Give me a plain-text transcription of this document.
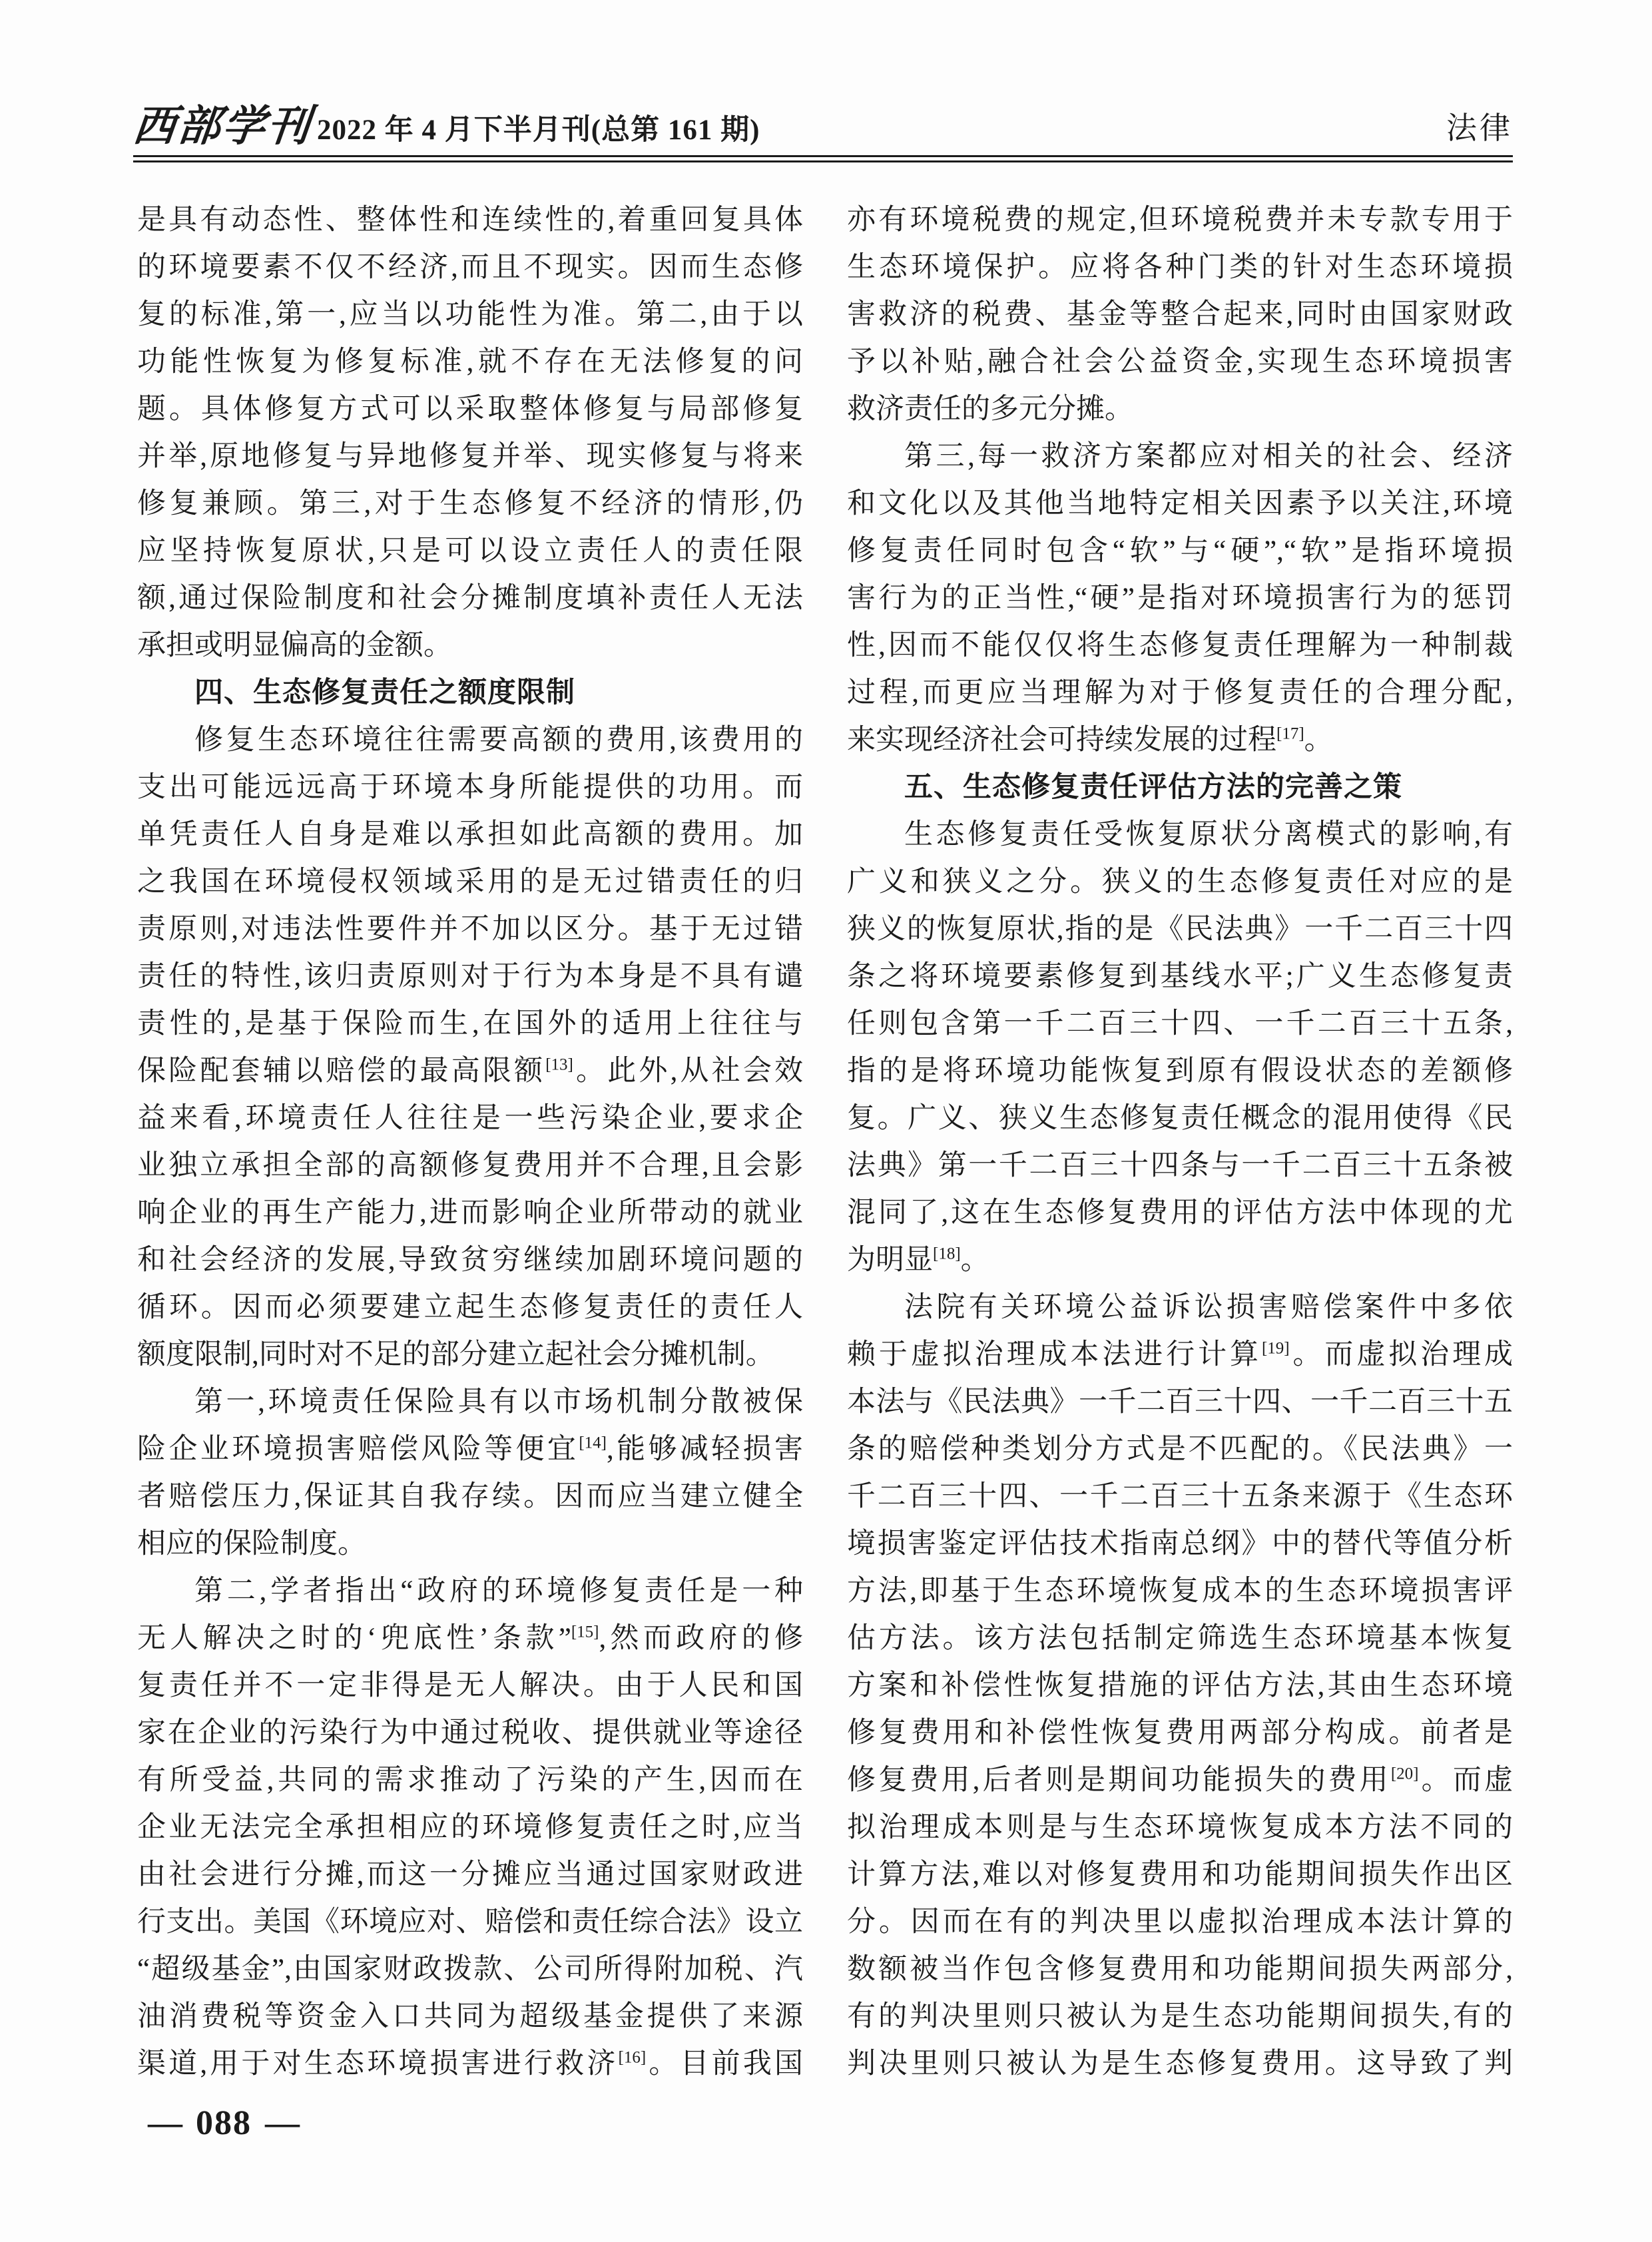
西部学刊 2022 年 4 月下半月刊(总第 161 期)	法律
是具有动态性、整体性和连续性的,着重回复具体
的环境要素不仅不经济,而且不现实。因而生态修
复的标准,第一,应当以功能性为准。第二,由于以
功能性恢复为修复标准,就不存在无法修复的问
题。具体修复方式可以采取整体修复与局部修复
并举,原地修复与异地修复并举、现实修复与将来
修复兼顾。第三,对于生态修复不经济的情形,仍
应坚持恢复原状,只是可以设立责任人的责任限
额,通过保险制度和社会分摊制度填补责任人无法
承担或明显偏高的金额。
四、生态修复责任之额度限制
修复生态环境往往需要高额的费用,该费用的
支出可能远远高于环境本身所能提供的功用。而
单凭责任人自身是难以承担如此高额的费用。加
之我国在环境侵权领域采用的是无过错责任的归
责原则,对违法性要件并不加以区分。基于无过错
责任的特性,该归责原则对于行为本身是不具有谴
责性的,是基于保险而生,在国外的适用上往往与
保险配套辅以赔偿的最高限额[13]。此外,从社会效
益来看,环境责任人往往是一些污染企业,要求企
业独立承担全部的高额修复费用并不合理,且会影
响企业的再生产能力,进而影响企业所带动的就业
和社会经济的发展,导致贫穷继续加剧环境问题的
循环。因而必须要建立起生态修复责任的责任人
额度限制,同时对不足的部分建立起社会分摊机制。
第一,环境责任保险具有以市场机制分散被保
险企业环境损害赔偿风险等便宜[14],能够减轻损害
者赔偿压力,保证其自我存续。因而应当建立健全
相应的保险制度。
第二,学者指出“政府的环境修复责任是一种
无人解决之时的‘兜底性’条款”[15],然而政府的修
复责任并不一定非得是无人解决。由于人民和国
家在企业的污染行为中通过税收、提供就业等途径
有所受益,共同的需求推动了污染的产生,因而在
企业无法完全承担相应的环境修复责任之时,应当
由社会进行分摊,而这一分摊应当通过国家财政进
行支出。美国《环境应对、赔偿和责任综合法》设立
“超级基金”,由国家财政拨款、公司所得附加税、汽
油消费税等资金入口共同为超级基金提供了来源
渠道,用于对生态环境损害进行救济[16]。目前我国
亦有环境税费的规定,但环境税费并未专款专用于
生态环境保护。应将各种门类的针对生态环境损
害救济的税费、基金等整合起来,同时由国家财政
予以补贴,融合社会公益资金,实现生态环境损害
救济责任的多元分摊。
第三,每一救济方案都应对相关的社会、经济
和文化以及其他当地特定相关因素予以关注,环境
修复责任同时包含“软”与“硬”,“软”是指环境损
害行为的正当性,“硬”是指对环境损害行为的惩罚
性,因而不能仅仅将生态修复责任理解为一种制裁
过程,而更应当理解为对于修复责任的合理分配,
来实现经济社会可持续发展的过程[17]。
五、生态修复责任评估方法的完善之策
生态修复责任受恢复原状分离模式的影响,有
广义和狭义之分。狭义的生态修复责任对应的是
狭义的恢复原状,指的是《民法典》一千二百三十四
条之将环境要素修复到基线水平;广义生态修复责
任则包含第一千二百三十四、一千二百三十五条,
指的是将环境功能恢复到原有假设状态的差额修
复。广义、狭义生态修复责任概念的混用使得《民
法典》第一千二百三十四条与一千二百三十五条被
混同了,这在生态修复费用的评估方法中体现的尤
为明显[18]。
法院有关环境公益诉讼损害赔偿案件中多依
赖于虚拟治理成本法进行计算[19]。而虚拟治理成
本法与《民法典》一千二百三十四、一千二百三十五
条的赔偿种类划分方式是不匹配的。《民法典》一
千二百三十四、一千二百三十五条来源于《生态环
境损害鉴定评估技术指南总纲》中的替代等值分析
方法,即基于生态环境恢复成本的生态环境损害评
估方法。该方法包括制定筛选生态环境基本恢复
方案和补偿性恢复措施的评估方法,其由生态环境
修复费用和补偿性恢复费用两部分构成。前者是
修复费用,后者则是期间功能损失的费用[20]。而虚
拟治理成本则是与生态环境恢复成本方法不同的
计算方法,难以对修复费用和功能期间损失作出区
分。因而在有的判决里以虚拟治理成本法计算的
数额被当作包含修复费用和功能期间损失两部分,
有的判决里则只被认为是生态功能期间损失,有的
判决里则只被认为是生态修复费用。这导致了判
— 088 —
